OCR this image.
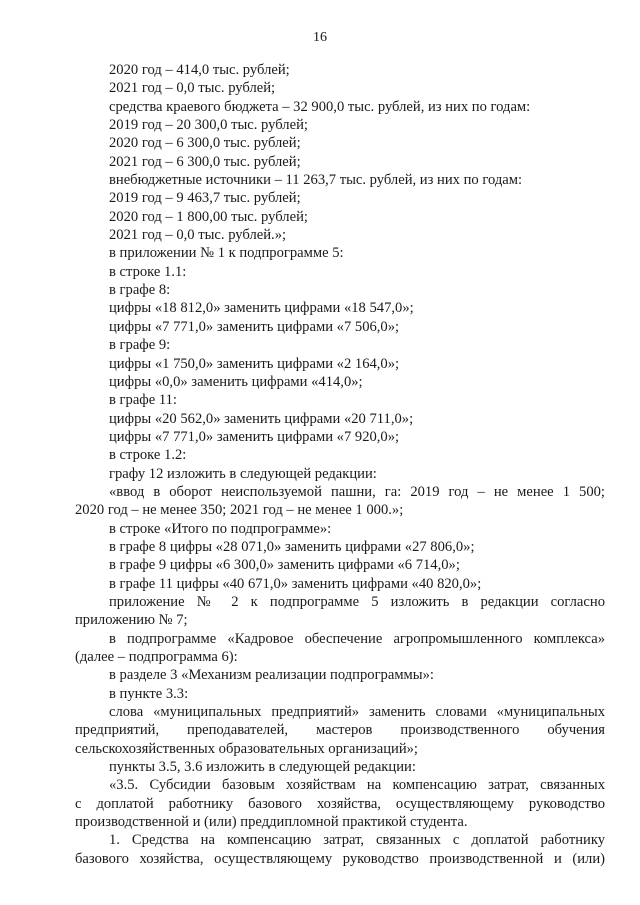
16
2020 год – 414,0 тыс. рублей;
2021 год – 0,0 тыс. рублей;
средства краевого бюджета – 32 900,0 тыс. рублей, из них по годам:
2019 год – 20 300,0 тыс. рублей;
2020 год – 6 300,0 тыс. рублей;
2021 год – 6 300,0 тыс. рублей;
внебюджетные источники – 11 263,7 тыс. рублей, из них по годам:
2019 год – 9 463,7 тыс. рублей;
2020 год – 1 800,00 тыс. рублей;
2021 год – 0,0 тыс. рублей.»;
в приложении № 1 к подпрограмме 5:
в строке 1.1:
в графе 8:
цифры «18 812,0» заменить цифрами «18 547,0»;
цифры «7 771,0» заменить цифрами «7 506,0»;
в графе 9:
цифры «1 750,0» заменить цифрами «2 164,0»;
цифры «0,0» заменить цифрами «414,0»;
в графе 11:
цифры «20 562,0» заменить цифрами «20 711,0»;
цифры «7 771,0» заменить цифрами «7 920,0»;
в строке 1.2:
графу 12 изложить в следующей редакции:
«ввод в оборот неиспользуемой пашни, га: 2019 год – не менее 1 500;
2020 год – не менее 350; 2021 год – не менее 1 000.»;
в строке «Итого по подпрограмме»:
в графе 8 цифры «28 071,0» заменить цифрами «27 806,0»;
в графе 9 цифры «6 300,0» заменить цифрами «6 714,0»;
в графе 11 цифры «40 671,0» заменить цифрами «40 820,0»;
приложение № 2 к подпрограмме 5 изложить в редакции согласно
приложению № 7;
в подпрограмме «Кадровое обеспечение агропромышленного комплекса»
(далее – подпрограмма 6):
в разделе 3 «Механизм реализации подпрограммы»:
в пункте 3.3:
слова «муниципальных предприятий» заменить словами «муниципальных
предприятий, преподавателей, мастеров производственного обучения
сельскохозяйственных образовательных организаций»;
пункты 3.5, 3.6 изложить в следующей редакции:
«3.5. Субсидии базовым хозяйствам на компенсацию затрат, связанных
с доплатой работнику базового хозяйства, осуществляющему руководство
производственной и (или) преддипломной практикой студента.
1. Средства на компенсацию затрат, связанных с доплатой работнику
базового хозяйства, осуществляющему руководство производственной и (или)
